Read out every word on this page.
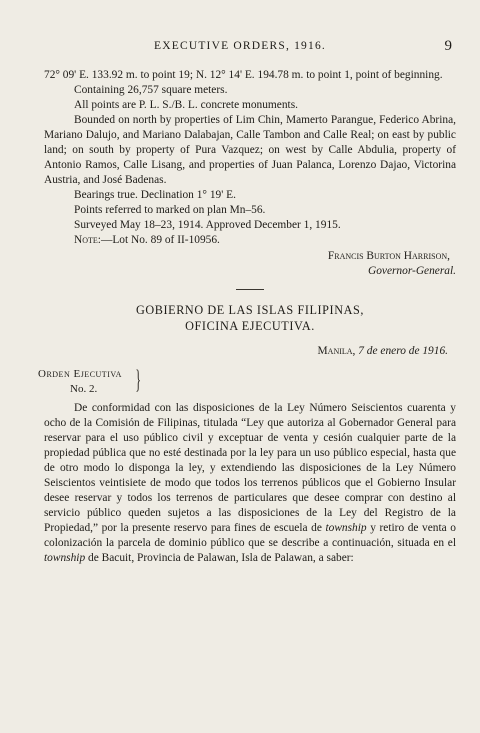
EXECUTIVE ORDERS, 1916.	9

72° 09' E. 133.92 m. to point 19; N. 12° 14' E. 194.78 m. to point 1, point of beginning.

Containing 26,757 square meters.

All points are P. L. S./B. L. concrete monuments.

Bounded on north by properties of Lim Chin, Mamerto Parangue, Federico Abrina, Mariano Dalujo, and Mariano Dalabajan, Calle Tambon and Calle Real; on east by public land; on south by property of Pura Vazquez; on west by Calle Abdulia, property of Antonio Ramos, Calle Lisang, and properties of Juan Palanca, Lorenzo Dajao, Victorina Austria, and José Badenas.

Bearings true. Declination 1° 19' E.

Points referred to marked on plan Mn–56.

Surveyed May 18–23, 1914. Approved December 1, 1915.

Note:—Lot No. 89 of II-10956.

Francis Burton Harrison,

Governor-General.

GOBIERNO DE LAS ISLAS FILIPINAS,

OFICINA EJECUTIVA.

Manila, 7 de enero de 1916.

Orden Ejecutiva
No. 2. }

De conformidad con las disposiciones de la Ley Número Seiscientos cuarenta y ocho de la Comisión de Filipinas, titulada “Ley que autoriza al Gobernador General para reservar para el uso público civil y exceptuar de venta y cesión cualquier parte de la propiedad pública que no esté destinada por la ley para un uso público especial, hasta que de otro modo lo disponga la ley, y extendiendo las disposiciones de la Ley Número Seiscientos veintisiete de modo que todos los terrenos públicos que el Gobierno Insular desee reservar y todos los terrenos de particulares que desee comprar con destino al servicio público queden sujetos a las disposiciones de la Ley del Registro de la Propiedad,” por la presente reservo para fines de escuela de township y retiro de venta o colonización la parcela de dominio público que se describe a continuación, situada en el township de Bacuit, Provincia de Palawan, Isla de Palawan, a saber:
